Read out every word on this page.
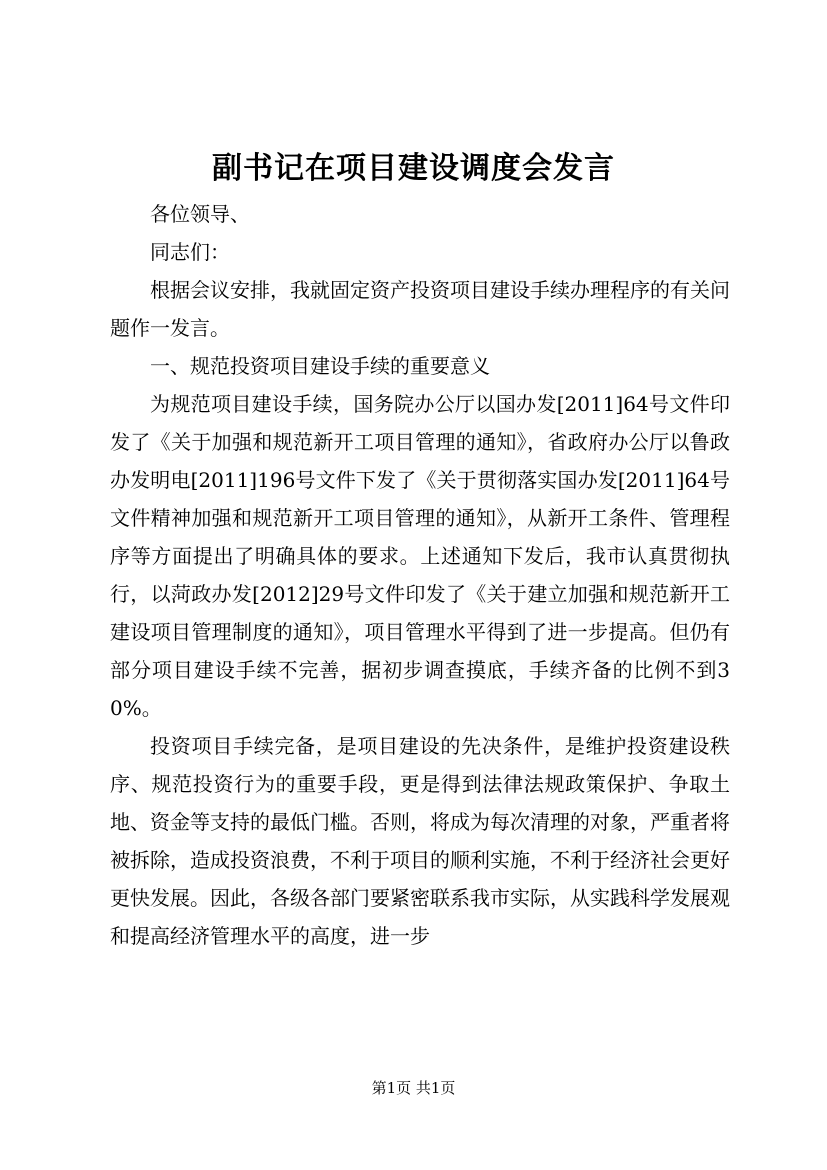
副书记在项目建设调度会发言

各位领导、

同志们：

根据会议安排，我就固定资产投资项目建设手续办理程序的有关问题作一发言。

一、规范投资项目建设手续的重要意义

为规范项目建设手续，国务院办公厅以国办发[2011]64号文件印发了《关于加强和规范新开工项目管理的通知》，省政府办公厅以鲁政办发明电[2011]196号文件下发了《关于贯彻落实国办发[2011]64号文件精神加强和规范新开工项目管理的通知》，从新开工条件、管理程序等方面提出了明确具体的要求。上述通知下发后，我市认真贯彻执行，以菏政办发[2012]29号文件印发了《关于建立加强和规范新开工建设项目管理制度的通知》，项目管理水平得到了进一步提高。但仍有部分项目建设手续不完善，据初步调查摸底，手续齐备的比例不到30%。

投资项目手续完备，是项目建设的先决条件，是维护投资建设秩序、规范投资行为的重要手段，更是得到法律法规政策保护、争取土地、资金等支持的最低门槛。否则，将成为每次清理的对象，严重者将被拆除，造成投资浪费，不利于项目的顺利实施，不利于经济社会更好更快发展。因此，各级各部门要紧密联系我市实际，从实践科学发展观和提高经济管理水平的高度，进一步

第1页 共1页
